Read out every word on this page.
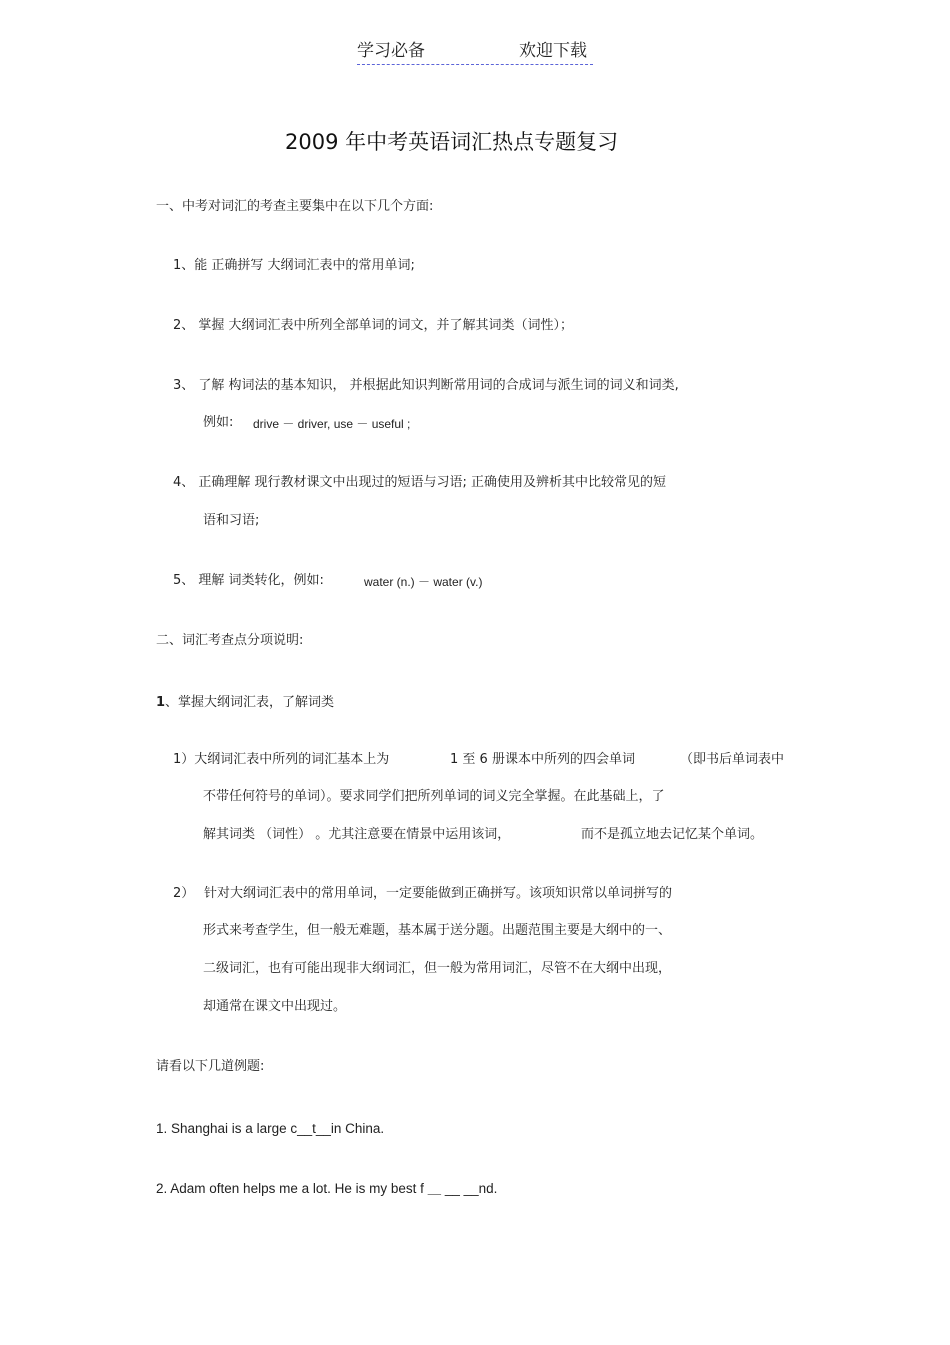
学习必备	欢迎下载
2009 年中考英语词汇热点专题复习
一、中考对词汇的考查主要集中在以下几个方面:
1、能 正确拼写 大纲词汇表中的常用单词;
2、 掌握 大纲词汇表中所列全部单词的词文，并了解其词类（词性）；
3、 了解 构词法的基本知识， 并根据此知识判断常用词的合成词与派生词的词义和词类,
例如: drive － driver, use － useful ;
4、 正确理解 现行教材课文中出现过的短语与习语; 正确使用及辨析其中比较常见的短
语和习语;
5、 理解 词类转化，例如:	water (n.) － water (v.)
二、词汇考查点分项说明:
1、掌握大纲词汇表，了解词类
1）大纲词汇表中所列的词汇基本上为	1 至 6 册课本中所列的四会单词	（即书后单词表中
不带任何符号的单词）。要求同学们把所列单词的词义完全掌握。在此基础上，了
解其词类 （词性） 。尤其注意要在情景中运用该词，	而不是孤立地去记忆某个单词。
2） 针对大纲词汇表中的常用单词，一定要能做到正确拼写。该项知识常以单词拼写的
形式来考查学生，但一般无难题，基本属于送分题。出题范围主要是大纲中的一、
二级词汇，也有可能出现非大纲词汇，但一般为常用词汇，尽管不在大纲中出现，
却通常在课文中出现过。
请看以下几道例题:
1. Shanghai is a large c__t__in China.
2. Adam often helps me a lot. He is my best f ＿ __ __nd.
